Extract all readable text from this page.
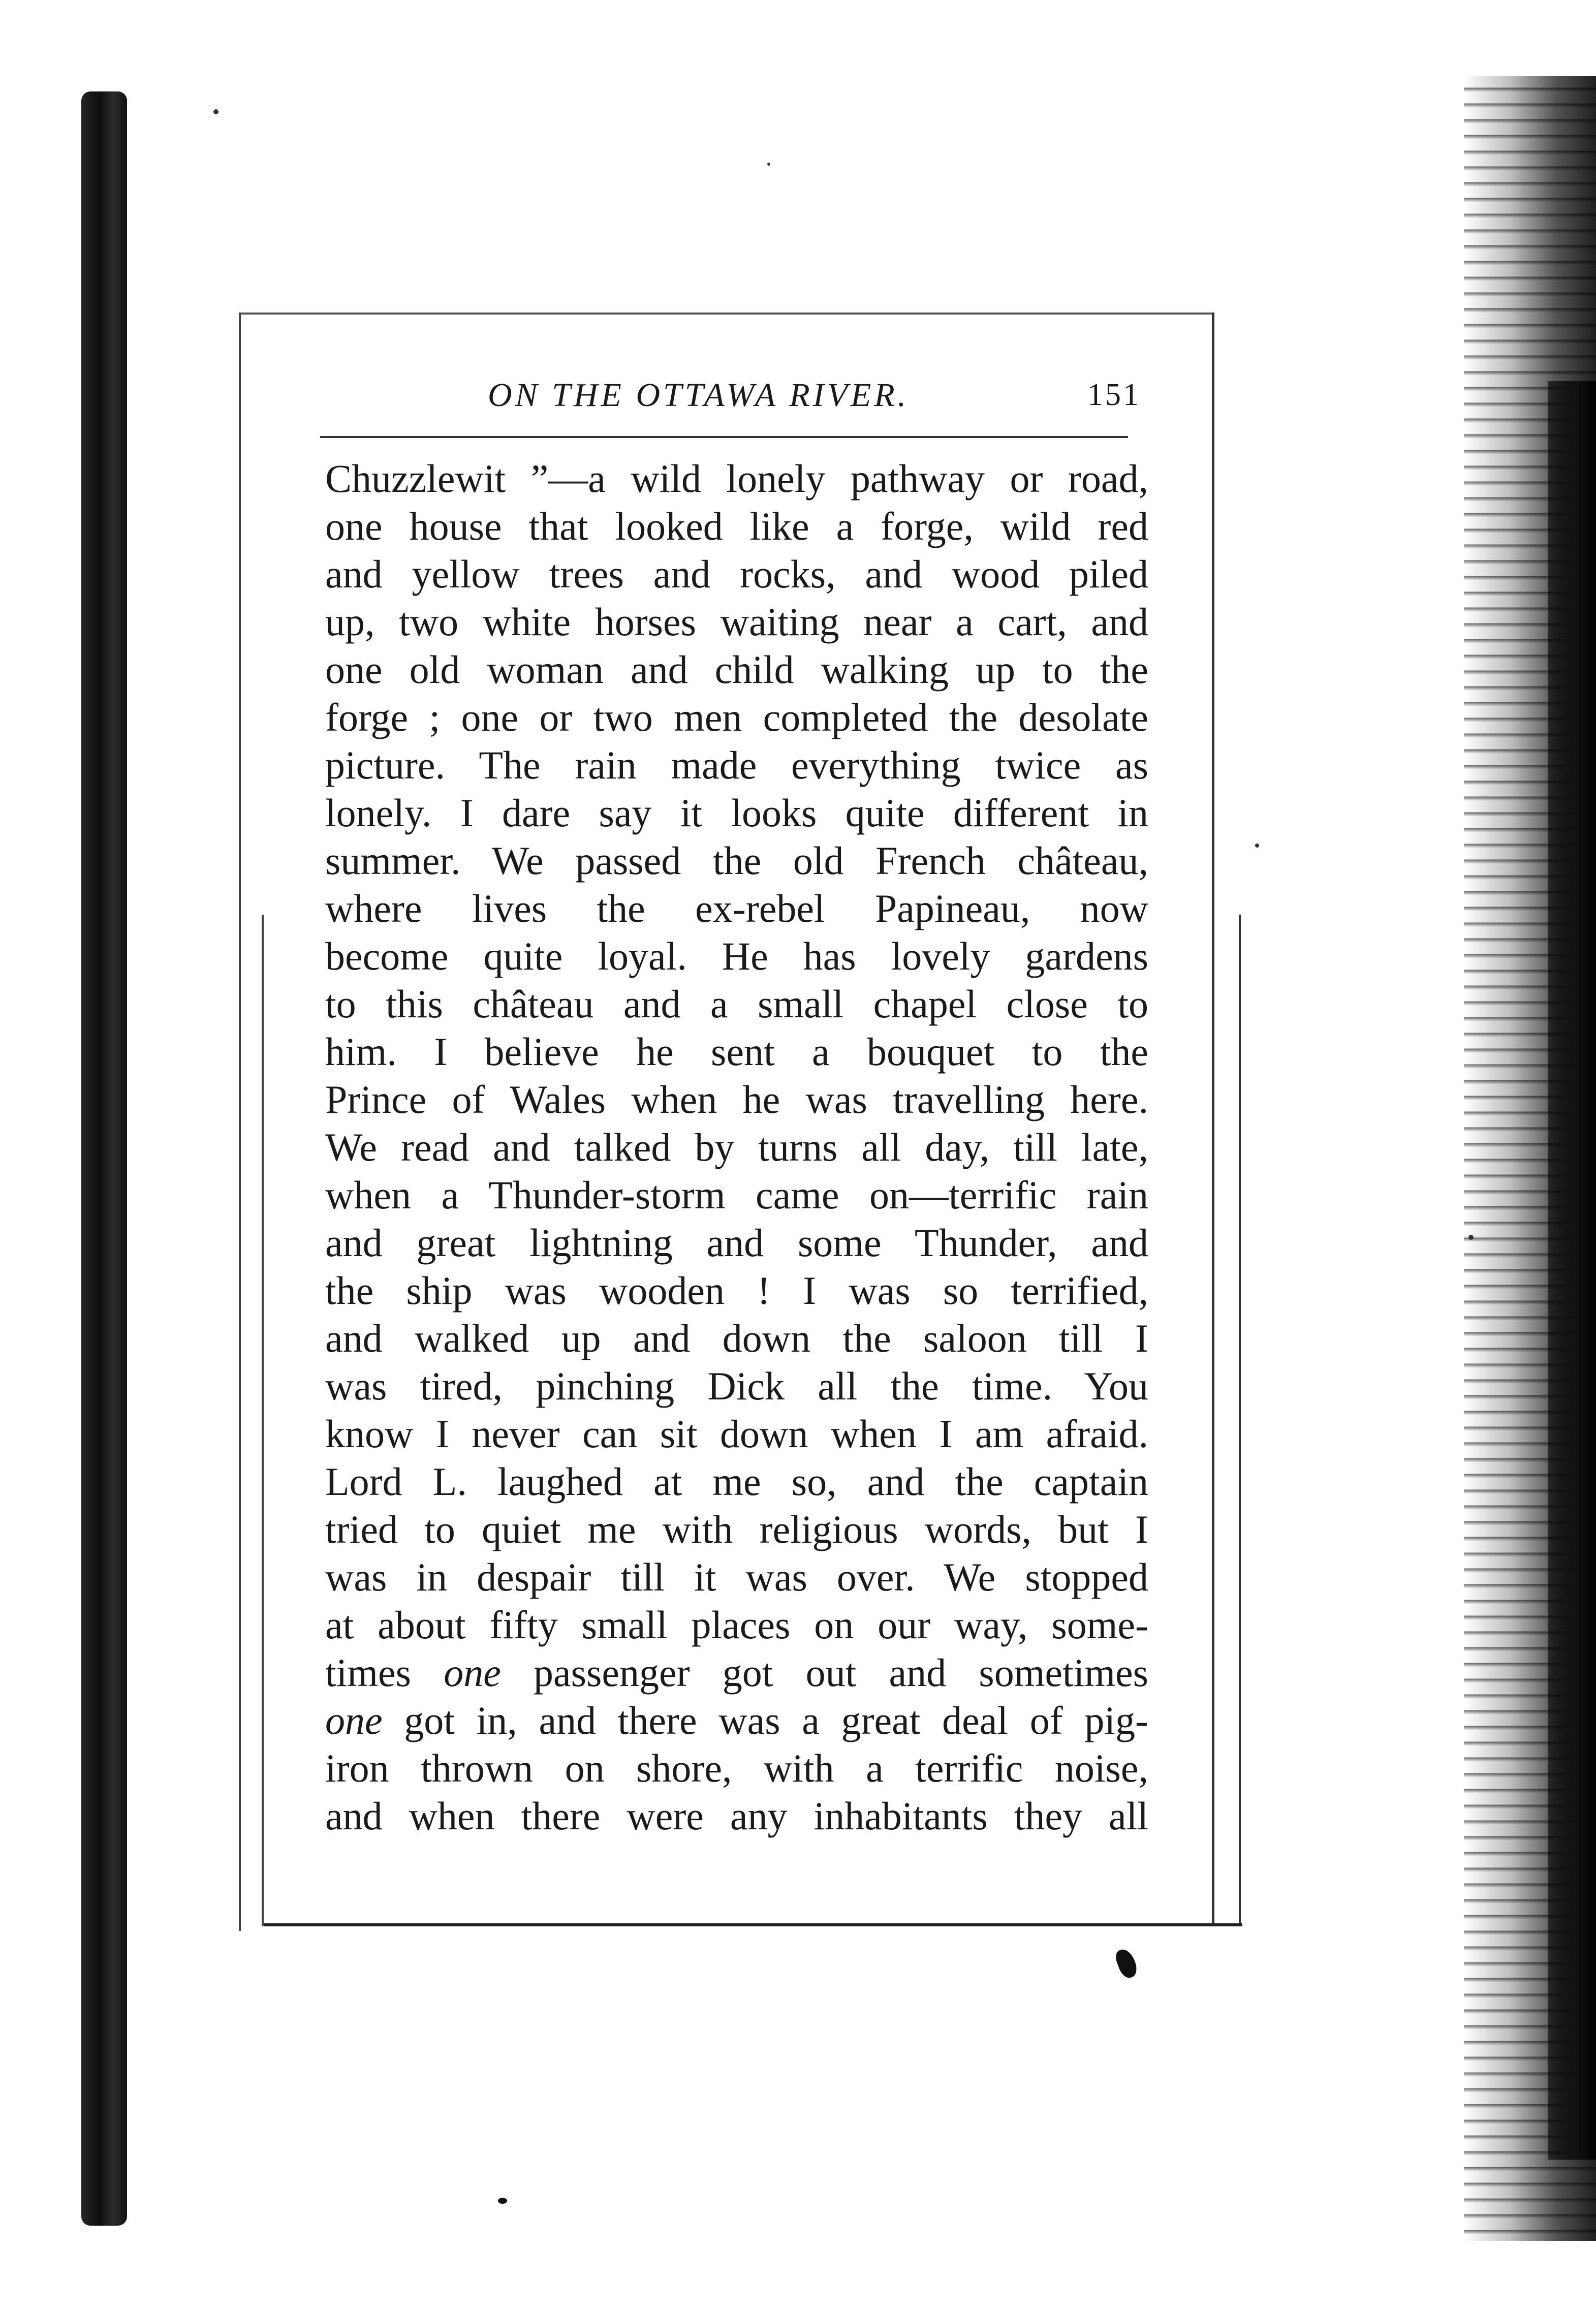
ON THE OTTAWA RIVER.	151
Chuzzlewit ”—a wild lonely pathway or road,
one house that looked like a forge, wild red
and yellow trees and rocks, and wood piled
up, two white horses waiting near a cart, and
one old woman and child walking up to the
forge ; one or two men completed the desolate
picture. The rain made everything twice as
lonely. I dare say it looks quite different in
summer. We passed the old French château,
where lives the ex-rebel Papineau, now
become quite loyal. He has lovely gardens
to this château and a small chapel close to
him. I believe he sent a bouquet to the
Prince of Wales when he was travelling here.
We read and talked by turns all day, till late,
when a Thunder-storm came on—terrific rain
and great lightning and some Thunder, and
the ship was wooden ! I was so terrified,
and walked up and down the saloon till I
was tired, pinching Dick all the time. You
know I never can sit down when I am afraid.
Lord L. laughed at me so, and the captain
tried to quiet me with religious words, but I
was in despair till it was over. We stopped
at about fifty small places on our way, some-
times one passenger got out and sometimes
one got in, and there was a great deal of pig-
iron thrown on shore, with a terrific noise,
and when there were any inhabitants they all
